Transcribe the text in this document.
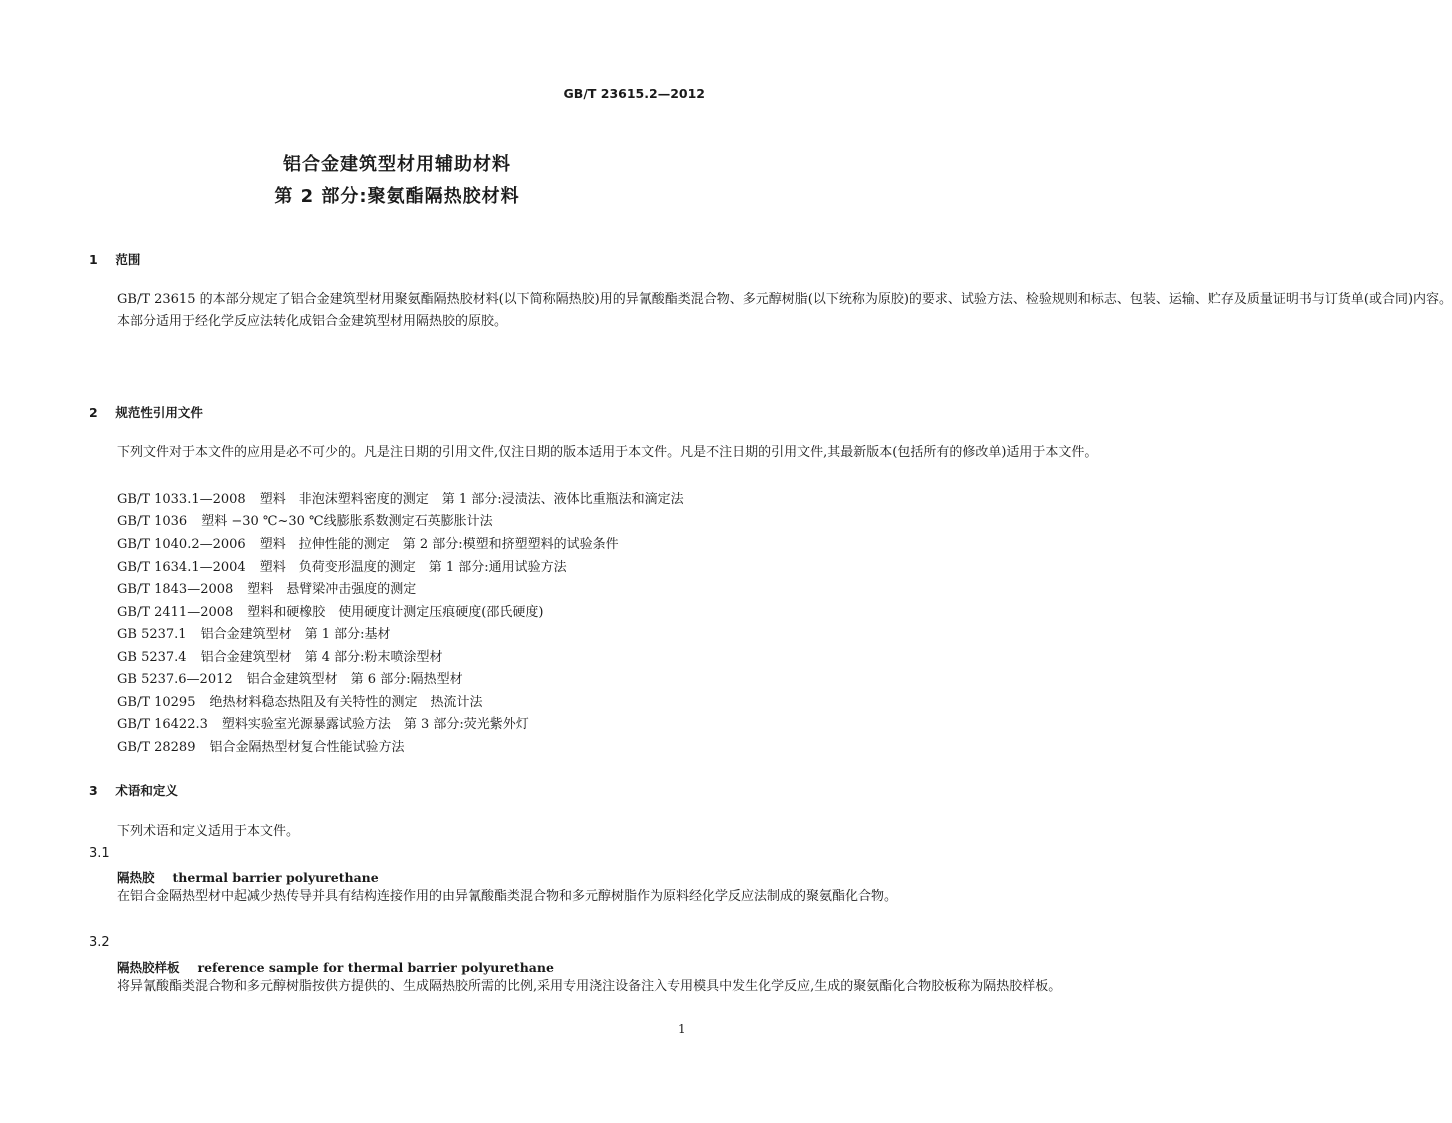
GB/T 23615.2—2012
铝合金建筑型材用辅助材料
第 2 部分:聚氨酯隔热胶材料
1 范围

GB/T 23615 的本部分规定了铝合金建筑型材用聚氨酯隔热胶材料(以下简称隔热胶)用的异氰酸酯类混合物、多元醇树脂(以下统称为原胶)的要求、试验方法、检验规则和标志、包装、运输、贮存及质量证明书与订货单(或合同)内容。

本部分适用于经化学反应法转化成铝合金建筑型材用隔热胶的原胶。

2 规范性引用文件

下列文件对于本文件的应用是必不可少的。凡是注日期的引用文件,仅注日期的版本适用于本文件。凡是不注日期的引用文件,其最新版本(包括所有的修改单)适用于本文件。

GB/T 1033.1—2008 塑料　非泡沫塑料密度的测定　第 1 部分:浸渍法、液体比重瓶法和滴定法
GB/T 1036 塑料 −30 ℃~30 ℃线膨胀系数测定石英膨胀计法
GB/T 1040.2—2006 塑料　拉伸性能的测定　第 2 部分:模塑和挤塑塑料的试验条件
GB/T 1634.1—2004 塑料　负荷变形温度的测定　第 1 部分:通用试验方法
GB/T 1843—2008 塑料　悬臂梁冲击强度的测定
GB/T 2411—2008 塑料和硬橡胶　使用硬度计测定压痕硬度(邵氏硬度)
GB 5237.1 铝合金建筑型材　第 1 部分:基材
GB 5237.4 铝合金建筑型材　第 4 部分:粉末喷涂型材
GB 5237.6—2012 铝合金建筑型材　第 6 部分:隔热型材
GB/T 10295 绝热材料稳态热阻及有关特性的测定　热流计法
GB/T 16422.3 塑料实验室光源暴露试验方法　第 3 部分:荧光紫外灯
GB/T 28289 铝合金隔热型材复合性能试验方法
3 术语和定义
下列术语和定义适用于本文件。
3.1
隔热胶 thermal barrier polyurethane

在铝合金隔热型材中起减少热传导并具有结构连接作用的由异氰酸酯类混合物和多元醇树脂作为原料经化学反应法制成的聚氨酯化合物。

3.2
隔热胶样板 reference sample for thermal barrier polyurethane

将异氰酸酯类混合物和多元醇树脂按供方提供的、生成隔热胶所需的比例,采用专用浇注设备注入专用模具中发生化学反应,生成的聚氨酯化合物胶板称为隔热胶样板。

1
